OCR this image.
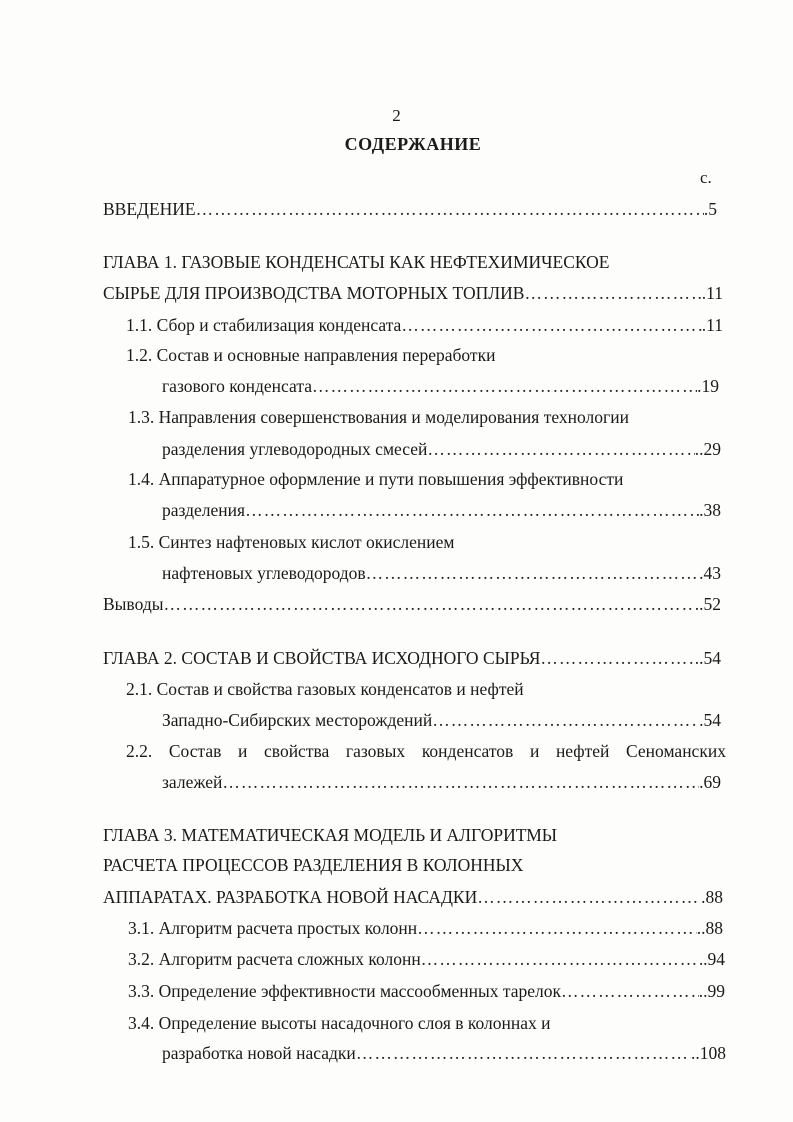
2
СОДЕРЖАНИЕ
с.
ВВЕДЕНИЕ …………………………………………………………………………………………………………………………………………………………	.5
ГЛАВА 1. ГАЗОВЫЕ КОНДЕНСАТЫ КАК НЕФТЕХИМИЧЕСКОЕ
СЫРЬЕ ДЛЯ ПРОИЗВОДСТВА МОТОРНЫХ ТОПЛИВ …………………………………………………………………………………………………………………………………………………………	.11
1.1. Сбор и стабилизация конденсата …………………………………………………………………………………………………………………………………………………………	.11
1.2. Состав и основные направления переработки
газового конденсата …………………………………………………………………………………………………………………………………………………………	.19
1.3. Направления совершенствования и моделирования технологии
разделения углеводородных смесей …………………………………………………………………………………………………………………………………………………………	..29
1.4. Аппаратурное оформление и пути повышения эффективности
разделения …………………………………………………………………………………………………………………………………………………………	.38
1.5. Синтез нафтеновых кислот окислением
нафтеновых углеводородов …………………………………………………………………………………………………………………………………………………………	.43
Выводы …………………………………………………………………………………………………………………………………………………………	..52
ГЛАВА 2. СОСТАВ И СВОЙСТВА ИСХОДНОГО СЫРЬЯ …………………………………………………………………………………………………………………………………………………………	..54
2.1. Состав и свойства газовых конденсатов и нефтей
Западно-Сибирских месторождений …………………………………………………………………………………………………………………………………………………………	.54
2.2. Состав и свойства газовых конденсатов и нефтей Сеноманских
залежей …………………………………………………………………………………………………………………………………………………………	.69
ГЛАВА 3. МАТЕМАТИЧЕСКАЯ МОДЕЛЬ И АЛГОРИТМЫ
РАСЧЕТА ПРОЦЕССОВ РАЗДЕЛЕНИЯ В КОЛОННЫХ
АППАРАТАХ. РАЗРАБОТКА НОВОЙ НАСАДКИ …………………………………………………………………………………………………………………………………………………………	.88
3.1. Алгоритм расчета простых колонн …………………………………………………………………………………………………………………………………………………………	..88
3.2. Алгоритм расчета сложных колонн …………………………………………………………………………………………………………………………………………………………	.94
3.3. Определение эффективности массообменных тарелок …………………………………………………………………………………………………………………………………………………………	..99
3.4. Определение высоты насадочного слоя в колоннах и
разработка новой насадки …………………………………………………………………………………………………………………………………………………………	..108
